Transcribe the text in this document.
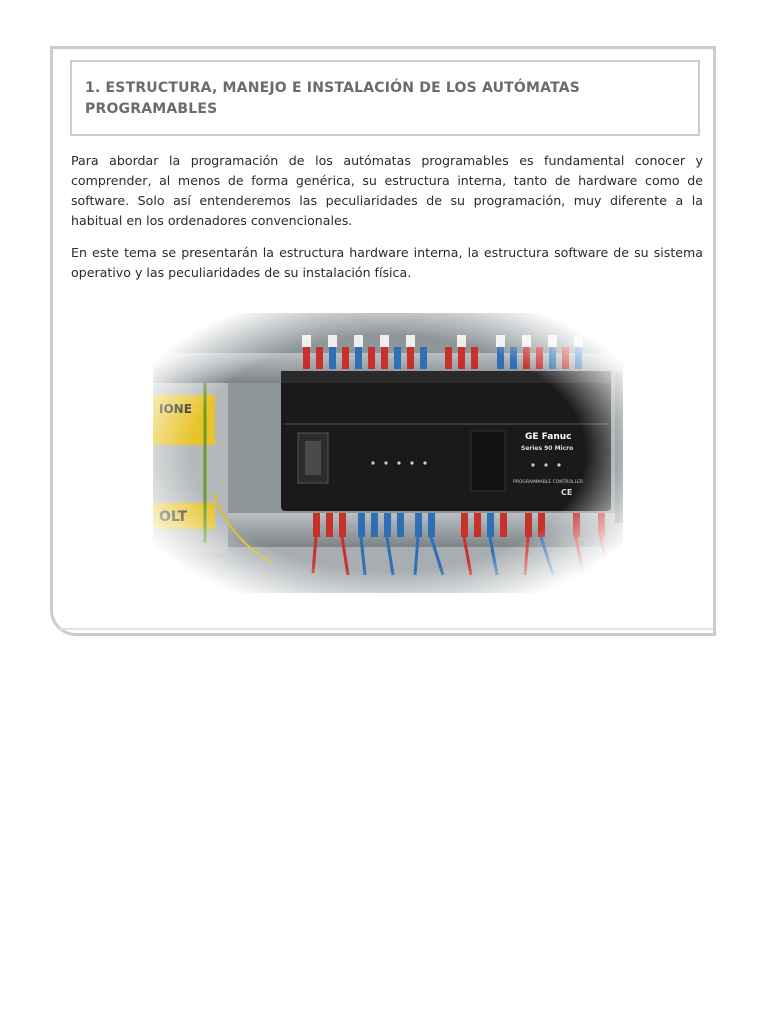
1. ESTRUCTURA, MANEJO E INSTALACIÓN DE LOS AUTÓMATAS PROGRAMABLES

Para abordar la programación de los autómatas programables es fundamental conocer y comprender, al menos de forma genérica, su estructura interna, tanto de hardware como de software. Solo así entenderemos las peculiaridades de su programación, muy diferente a la habitual en los ordenadores convencionales.

En este tema se presentarán la estructura hardware interna, la estructura software de su sistema operativo y las peculiaridades de su instalación física.
